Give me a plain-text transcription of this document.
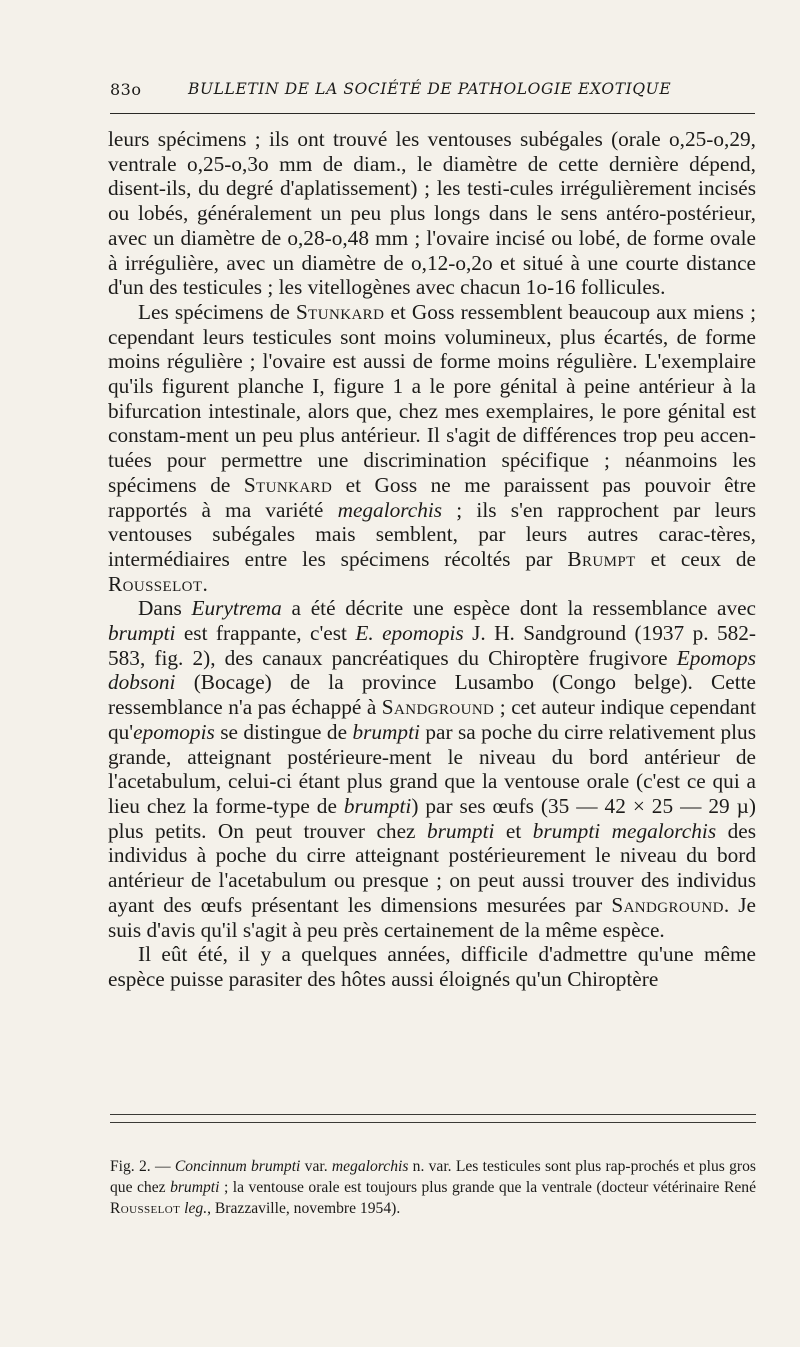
83o	BULLETIN DE LA SOCIÉTÉ DE PATHOLOGIE EXOTIQUE

leurs spécimens ; ils ont trouvé les ventouses subégales (orale o,25-o,29, ventrale o,25-o,3o mm de diam., le diamètre de cette dernière dépend, disent-ils, du degré d'aplatissement) ; les testi-cules irrégulièrement incisés ou lobés, généralement un peu plus longs dans le sens antéro-postérieur, avec un diamètre de o,28-o,48 mm ; l'ovaire incisé ou lobé, de forme ovale à irrégulière, avec un diamètre de o,12-o,2o et situé à une courte distance d'un des testicules ; les vitellogènes avec chacun 1o-16 follicules.

Les spécimens de Stunkard et Goss ressemblent beaucoup aux miens ; cependant leurs testicules sont moins volumineux, plus écartés, de forme moins régulière ; l'ovaire est aussi de forme moins régulière. L'exemplaire qu'ils figurent planche I, figure 1 a le pore génital à peine antérieur à la bifurcation intestinale, alors que, chez mes exemplaires, le pore génital est constam-ment un peu plus antérieur. Il s'agit de différences trop peu accen-tuées pour permettre une discrimination spécifique ; néanmoins les spécimens de Stunkard et Goss ne me paraissent pas pouvoir être rapportés à ma variété megalorchis ; ils s'en rapprochent par leurs ventouses subégales mais semblent, par leurs autres carac-tères, intermédiaires entre les spécimens récoltés par Brumpt et ceux de Rousselot.

Dans Eurytrema a été décrite une espèce dont la ressemblance avec brumpti est frappante, c'est E. epomopis J. H. Sandground (1937 p. 582-583, fig. 2), des canaux pancréatiques du Chiroptère frugivore Epomops dobsoni (Bocage) de la province Lusambo (Congo belge). Cette ressemblance n'a pas échappé à Sandground ; cet auteur indique cependant qu'epomopis se distingue de brumpti par sa poche du cirre relativement plus grande, atteignant postérieure-ment le niveau du bord antérieur de l'acetabulum, celui-ci étant plus grand que la ventouse orale (c'est ce qui a lieu chez la forme-type de brumpti) par ses œufs (35 — 42 × 25 — 29 µ) plus petits. On peut trouver chez brumpti et brumpti megalorchis des individus à poche du cirre atteignant postérieurement le niveau du bord antérieur de l'acetabulum ou presque ; on peut aussi trouver des individus ayant des œufs présentant les dimensions mesurées par Sandground. Je suis d'avis qu'il s'agit à peu près certainement de la même espèce.

Il eût été, il y a quelques années, difficile d'admettre qu'une même espèce puisse parasiter des hôtes aussi éloignés qu'un Chiroptère

Fig. 2. — Concinnum brumpti var. megalorchis n. var. Les testicules sont plus rap-prochés et plus gros que chez brumpti ; la ventouse orale est toujours plus grande que la ventrale (docteur vétérinaire René Rousselot leg., Brazzaville, novembre 1954).
